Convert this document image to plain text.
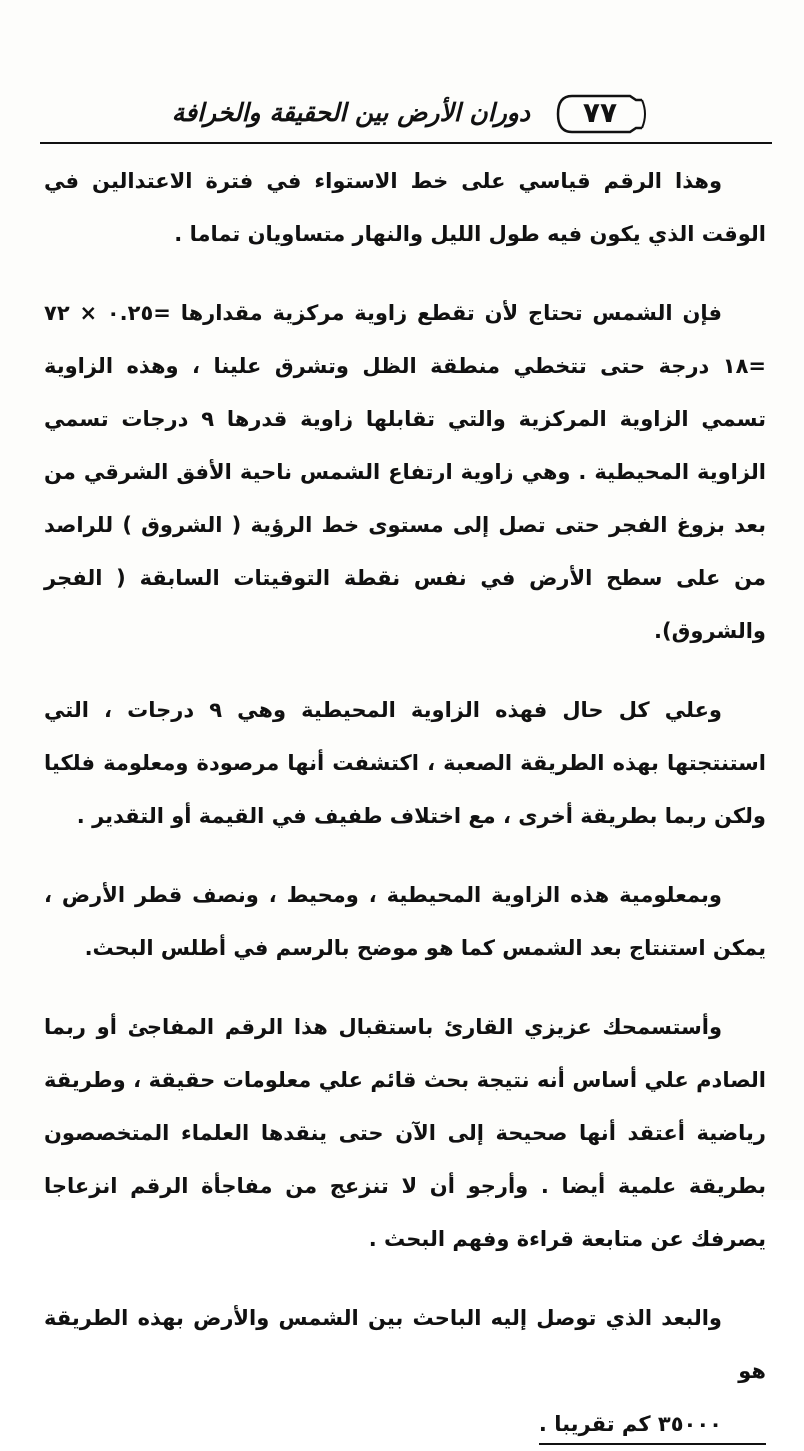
٧٧
دوران الأرض بين الحقيقة والخرافة

وهذا الرقم قياسي على خط الاستواء في فترة الاعتدالين في الوقت الذي يكون فيه طول الليل والنهار متساويان تماما .

فإن الشمس تحتاج لأن تقطع زاوية مركزية مقدارها =٠.٢٥ × ٧٢ =١٨ درجة حتى تتخطي منطقة الظل وتشرق علينا ، وهذه الزاوية تسمي الزاوية المركزية والتي تقابلها زاوية قدرها ٩ درجات تسمي الزاوية المحيطية . وهي زاوية ارتفاع الشمس ناحية الأفق الشرقي من بعد بزوغ الفجر حتى تصل إلى مستوى خط الرؤية ( الشروق ) للراصد من على سطح الأرض في نفس نقطة التوقيتات السابقة ( الفجر والشروق).

وعلي كل حال فهذه الزاوية المحيطية وهي ٩ درجات ، التي استنتجتها بهذه الطريقة الصعبة ، اكتشفت أنها مرصودة ومعلومة فلكيا ولكن ربما بطريقة أخرى ، مع اختلاف طفيف في القيمة أو التقدير .

وبمعلومية هذه الزاوية المحيطية ، ومحيط ، ونصف قطر الأرض ، يمكن استنتاج بعد الشمس كما هو موضح بالرسم في أطلس البحث.

وأستسمحك عزيزي القارئ باستقبال هذا الرقم المفاجئ أو ربما الصادم علي أساس أنه نتيجة بحث قائم علي معلومات حقيقة ، وطريقة رياضية أعتقد أنها صحيحة إلى الآن حتى ينقدها العلماء المتخصصون بطريقة علمية أيضا . وأرجو أن لا تنزعج من مفاجأة الرقم انزعاجا يصرفك عن متابعة قراءة وفهم البحث .

والبعد الذي توصل إليه الباحث بين الشمس والأرض بهذه الطريقة هو
٣٥٠٠٠ كم تقريبا .
